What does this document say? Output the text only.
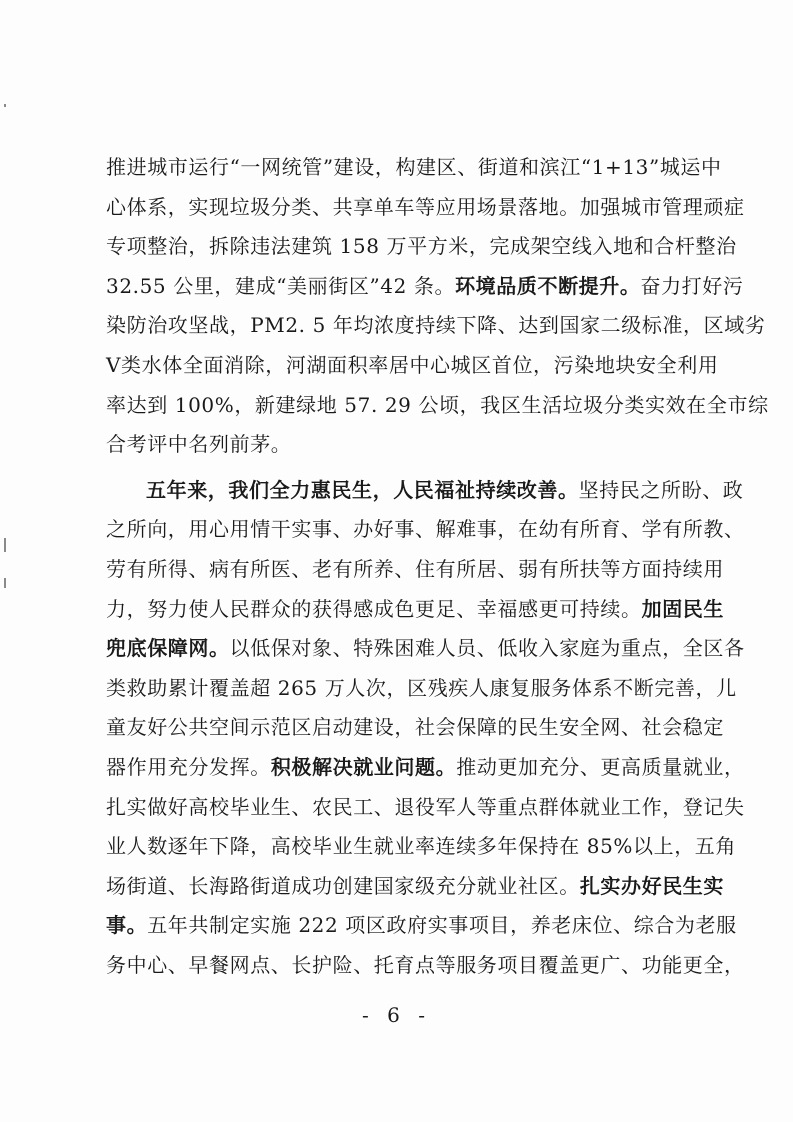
推进城市运行“一网统管”建设，构建区、街道和滨江“1+13”城运中
心体系，实现垃圾分类、共享单车等应用场景落地。加强城市管理顽症
专项整治，拆除违法建筑 158 万平方米，完成架空线入地和合杆整治
32.55 公里，建成“美丽街区”42 条。环境品质不断提升。奋力打好污
染防治攻坚战，PM2. 5 年均浓度持续下降、达到国家二级标准，区域劣
Ⅴ类水体全面消除，河湖面积率居中心城区首位，污染地块安全利用
率达到 100%，新建绿地 57. 29 公顷，我区生活垃圾分类实效在全市综
合考评中名列前茅。
五年来，我们全力惠民生，人民福祉持续改善。坚持民之所盼、政
之所向，用心用情干实事、办好事、解难事，在幼有所育、学有所教、
劳有所得、病有所医、老有所养、住有所居、弱有所扶等方面持续用
力，努力使人民群众的获得感成色更足、幸福感更可持续。加固民生
兜底保障网。以低保对象、特殊困难人员、低收入家庭为重点，全区各
类救助累计覆盖超 265 万人次，区残疾人康复服务体系不断完善，儿
童友好公共空间示范区启动建设，社会保障的民生安全网、社会稳定
器作用充分发挥。积极解决就业问题。推动更加充分、更高质量就业，
扎实做好高校毕业生、农民工、退役军人等重点群体就业工作，登记失
业人数逐年下降，高校毕业生就业率连续多年保持在 85%以上，五角
场街道、长海路街道成功创建国家级充分就业社区。扎实办好民生实
事。五年共制定实施 222 项区政府实事项目，养老床位、综合为老服
务中心、早餐网点、长护险、托育点等服务项目覆盖更广、功能更全，
- 6 -
